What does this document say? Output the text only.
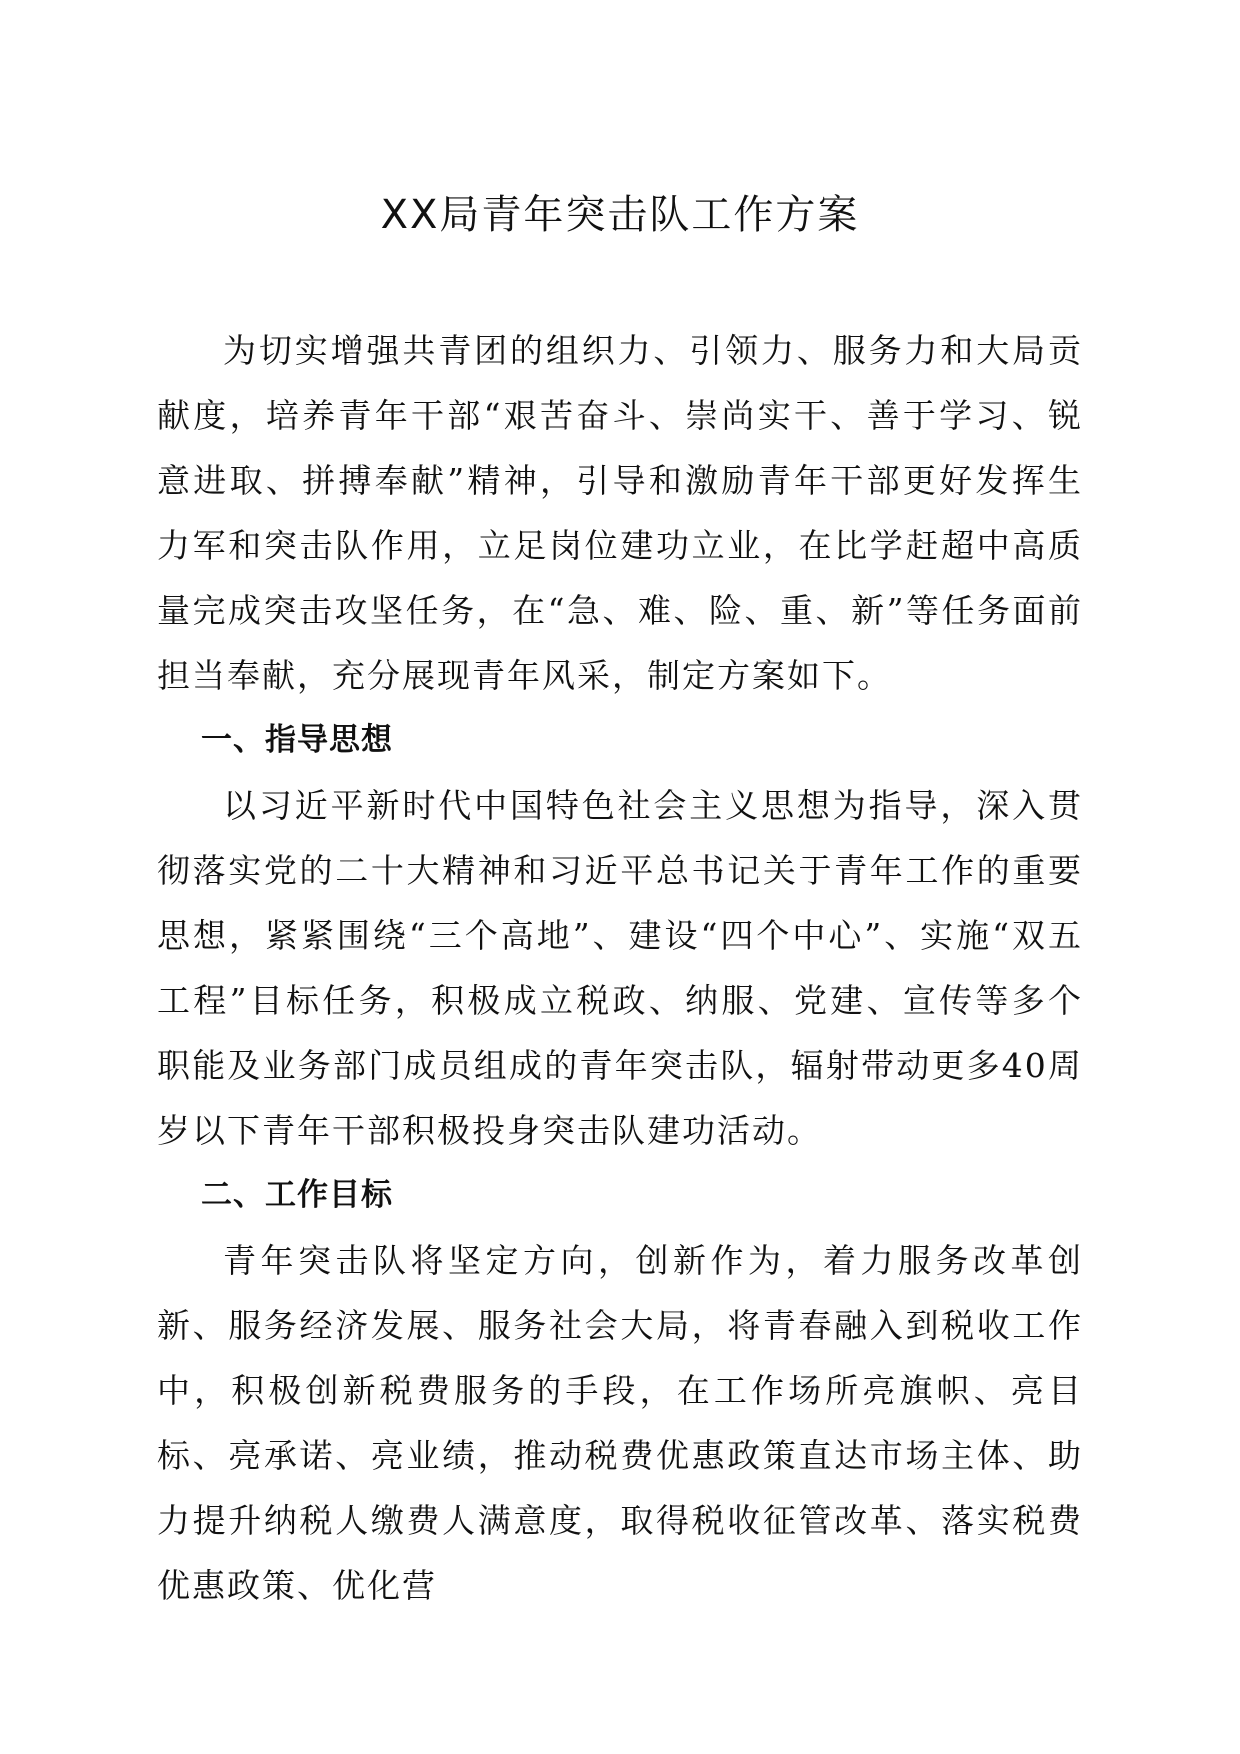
XX局青年突击队工作方案

为切实增强共青团的组织力、引领力、服务力和大局贡献度，培养青年干部“艰苦奋斗、崇尚实干、善于学习、锐意进取、拼搏奉献”精神，引导和激励青年干部更好发挥生力军和突击队作用，立足岗位建功立业，在比学赶超中高质量完成突击攻坚任务，在“急、难、险、重、新”等任务面前担当奉献，充分展现青年风采，制定方案如下。

一、指导思想

以习近平新时代中国特色社会主义思想为指导，深入贯彻落实党的二十大精神和习近平总书记关于青年工作的重要思想，紧紧围绕“三个高地”、建设“四个中心”、实施“双五工程”目标任务，积极成立税政、纳服、党建、宣传等多个职能及业务部门成员组成的青年突击队，辐射带动更多40周岁以下青年干部积极投身突击队建功活动。

二、工作目标

青年突击队将坚定方向，创新作为，着力服务改革创新、服务经济发展、服务社会大局，将青春融入到税收工作中，积极创新税费服务的手段，在工作场所亮旗帜、亮目标、亮承诺、亮业绩，推动税费优惠政策直达市场主体、助力提升纳税人缴费人满意度，取得税收征管改革、落实税费优惠政策、优化营
